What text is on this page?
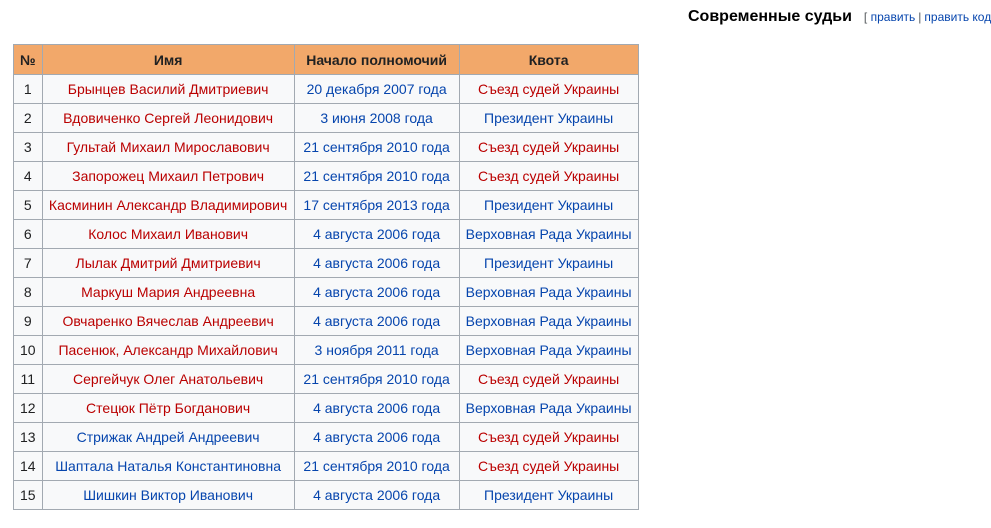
Современные судьи [ править | править код
№	Имя	Начало полномочий	Квота
1	Брынцев Василий Дмитриевич	20 декабря 2007 года	Съезд судей Украины
2	Вдовиченко Сергей Леонидович	3 июня 2008 года	Президент Украины
3	Гультай Михаил Мирославович	21 сентября 2010 года	Съезд судей Украины
4	Запорожец Михаил Петрович	21 сентября 2010 года	Съезд судей Украины
5	Касминин Александр Владимирович	17 сентября 2013 года	Президент Украины
6	Колос Михаил Иванович	4 августа 2006 года	Верховная Рада Украины
7	Лылак Дмитрий Дмитриевич	4 августа 2006 года	Президент Украины
8	Маркуш Мария Андреевна	4 августа 2006 года	Верховная Рада Украины
9	Овчаренко Вячеслав Андреевич	4 августа 2006 года	Верховная Рада Украины
10	Пасенюк, Александр Михайлович	3 ноября 2011 года	Верховная Рада Украины
11	Сергейчук Олег Анатольевич	21 сентября 2010 года	Съезд судей Украины
12	Стецюк Пётр Богданович	4 августа 2006 года	Верховная Рада Украины
13	Стрижак Андрей Андреевич	4 августа 2006 года	Съезд судей Украины
14	Шаптала Наталья Константиновна	21 сентября 2010 года	Съезд судей Украины
15	Шишкин Виктор Иванович	4 августа 2006 года	Президент Украины
